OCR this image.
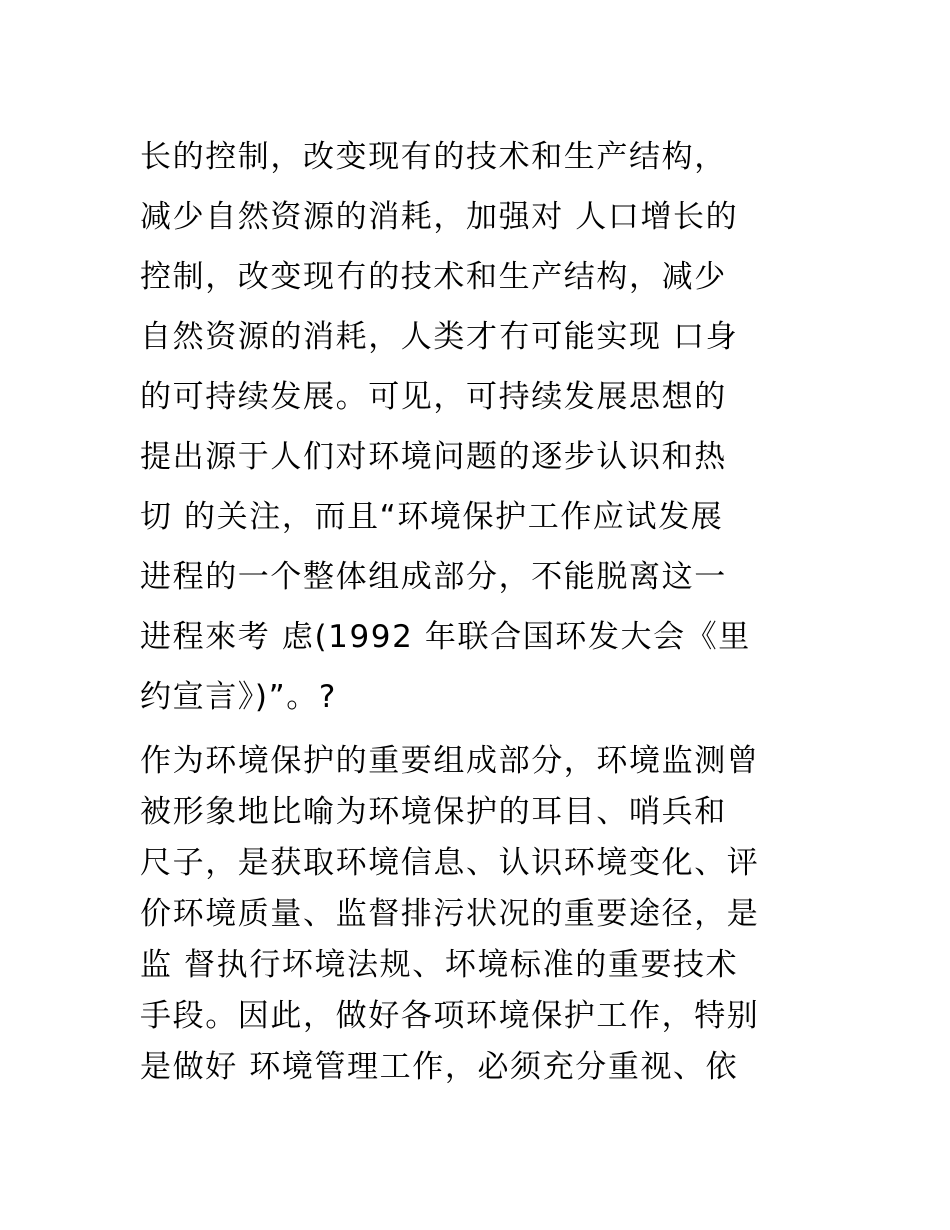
长的控制，改变现有的技术和生产结构，
减少自然资源的消耗，加强对 人口增长的
控制，改变现冇的技术和生产结构，减少
自然资源的消耗，人类才冇可能实现 口身
的可持续发展。可见，可持续发展思想的
提出源于人们对环境问题的逐步认识和热
切 的关注，而且“环境保护工作应试发展
进程的一个整体组成部分，不能脱离这一
进程來考 虑(1992 年联合国环发大会《里
约宣言》)”。?
作为环境保护的重要组成部分，环境监测曾
被形象地比喻为环境保护的耳目、哨兵和
尺子，是获取环境信息、认识环境变化、评
价环境质量、监督排污状况的重要途径，是
监 督执行坏境法规、坏境标准的重要技术
手段。因此，做好各项环境保护工作，特别
是做好 环境管理工作，必须充分重视、依
